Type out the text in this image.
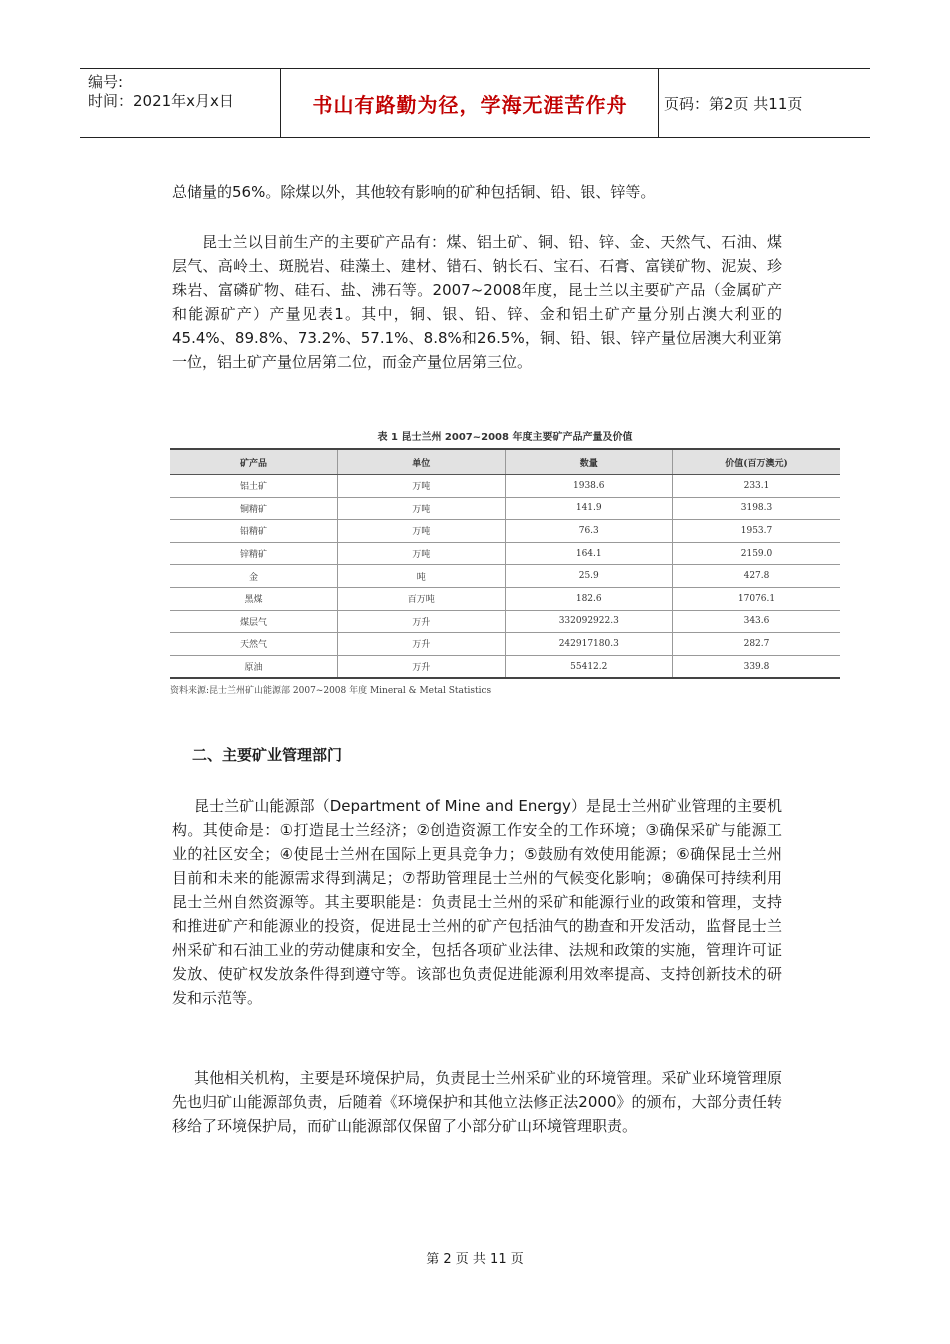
编号:
时间：2021年x月x日	书山有路勤为径，学海无涯苦作舟	页码：第2页 共11页

总储量的56%。除煤以外，其他较有影响的矿种包括铜、铅、银、锌等。

昆士兰以目前生产的主要矿产品有：煤、铝土矿、铜、铅、锌、金、天然气、石油、煤层气、高岭土、斑脱岩、硅藻土、建材、错石、钠长石、宝石、石膏、富镁矿物、泥炭、珍珠岩、富磷矿物、硅石、盐、沸石等。2007~2008年度，昆士兰以主要矿产品（金属矿产和能源矿产）产量见表1。其中，铜、银、铅、锌、金和铝土矿产量分别占澳大利亚的45.4%、89.8%、73.2%、57.1%、8.8%和26.5%，铜、铅、银、锌产量位居澳大利亚第一位，铝土矿产量位居第二位，而金产量位居第三位。

表 1 昆士兰州 2007~2008 年度主要矿产品产量及价值
矿产品	单位	数量	价值(百万澳元)
铝土矿	万吨	1938.6	233.1
铜精矿	万吨	141.9	3198.3
铅精矿	万吨	76.3	1953.7
锌精矿	万吨	164.1	2159.0
金	吨	25.9	427.8
黑煤	百万吨	182.6	17076.1
煤层气	万升	332092922.3	343.6
天然气	万升	242917180.3	282.7
原油	万升	55412.2	339.8
资料来源:昆士兰州矿山能源部 2007~2008 年度 Mineral & Metal Statistics

二、主要矿业管理部门

昆士兰矿山能源部（Department of Mine and Energy）是昆士兰州矿业管理的主要机构。其使命是：①打造昆士兰经济；②创造资源工作安全的工作环境；③确保采矿与能源工业的社区安全；④使昆士兰州在国际上更具竞争力；⑤鼓励有效使用能源；⑥确保昆士兰州目前和未来的能源需求得到满足；⑦帮助管理昆士兰州的气候变化影响；⑧确保可持续利用昆士兰州自然资源等。其主要职能是：负责昆士兰州的采矿和能源行业的政策和管理，支持和推进矿产和能源业的投资，促进昆士兰州的矿产包括油气的勘查和开发活动，监督昆士兰州采矿和石油工业的劳动健康和安全，包括各项矿业法律、法规和政策的实施，管理许可证发放、使矿权发放条件得到遵守等。该部也负责促进能源利用效率提高、支持创新技术的研发和示范等。

其他相关机构，主要是环境保护局，负责昆士兰州采矿业的环境管理。采矿业环境管理原先也归矿山能源部负责，后随着《环境保护和其他立法修正法2000》的颁布，大部分责任转移给了环境保护局，而矿山能源部仅保留了小部分矿山环境管理职责。

第 2 页 共 11 页
